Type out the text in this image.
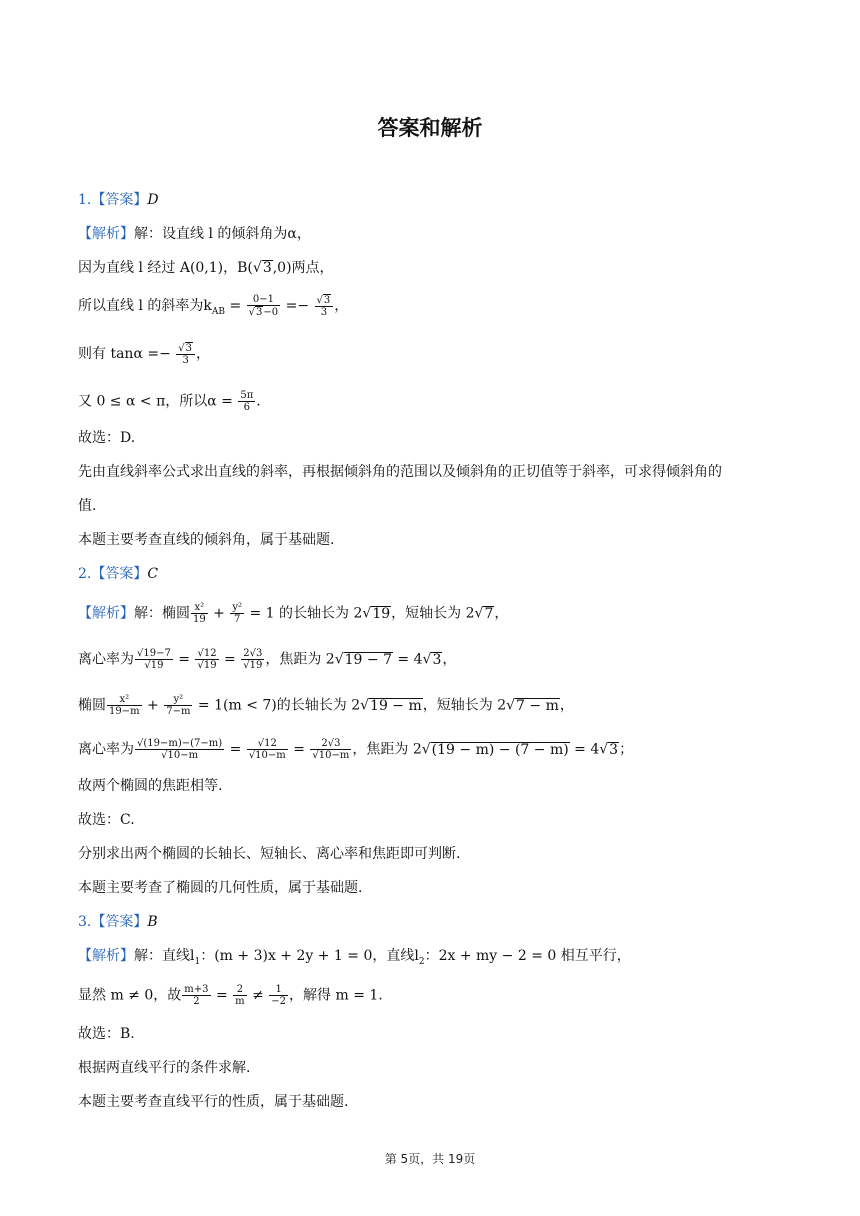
答案和解析
1.【答案】D
【解析】解：设直线 l 的倾斜角为α，
因为直线 l 经过 A(0,1)，B(√3,0)两点，
所以直线 l 的斜率为$k_{AB} = \frac{0-1}{√3-0} =- \frac{√3}{3}$ ，
则有 $\tan\alpha =- \frac{√3}{3}$ ，
又 0 ≤ α < π，所以$\alpha = \frac{5\pi}{6}$ .
故选：D.
先由直线斜率公式求出直线的斜率，再根据倾斜角的范围以及倾斜角的正切值等于斜率，可求得倾斜角的
值.
本题主要考查直线的倾斜角，属于基础题.
2.【答案】C
【解析】解：椭圆 $\frac{\text{x²}}{19} + \frac{\text{y²}}{7} = 1$ 的长轴长为 2√19，短轴长为 2√7，
离心率为 $\frac{√19-7}{√19} = \frac{√12}{√19} = \frac{2√3}{√19}$ ，焦距为 2√19 − 7 = 4√3，
椭圆 $\frac{\text{x²}}{19-m} + \frac{\text{y²}}{7-m} = 1(m < 7)$的长轴长为 2√19 − m，短轴长为 2√7 − m，
离心率为 $\frac{√(19-m)-(7-m)}{√10-m} = \frac{√12}{√10-m} = \frac{2√3}{√10-m}$ ，焦距为 2√(19 − m) − (7 − m) = 4√3；
故两个椭圆的焦距相等.
故选：C.
分别求出两个椭圆的长轴长、短轴长、离心率和焦距即可判断.
本题主要考查了椭圆的几何性质，属于基础题.
3.【答案】B
【解析】解：直线$l_1$：(m + 3)x + 2y + 1 = 0，直线$l_2$：2x + my − 2 = 0 相互平行，
显然 m ≠ 0，故 $\frac{m+3}{2} = \frac{2}{m} \ne \frac{1}{-2}$ ，解得 m = 1.
故选：B.
根据两直线平行的条件求解.
本题主要考查直线平行的性质，属于基础题.
第 5页，共 19页
